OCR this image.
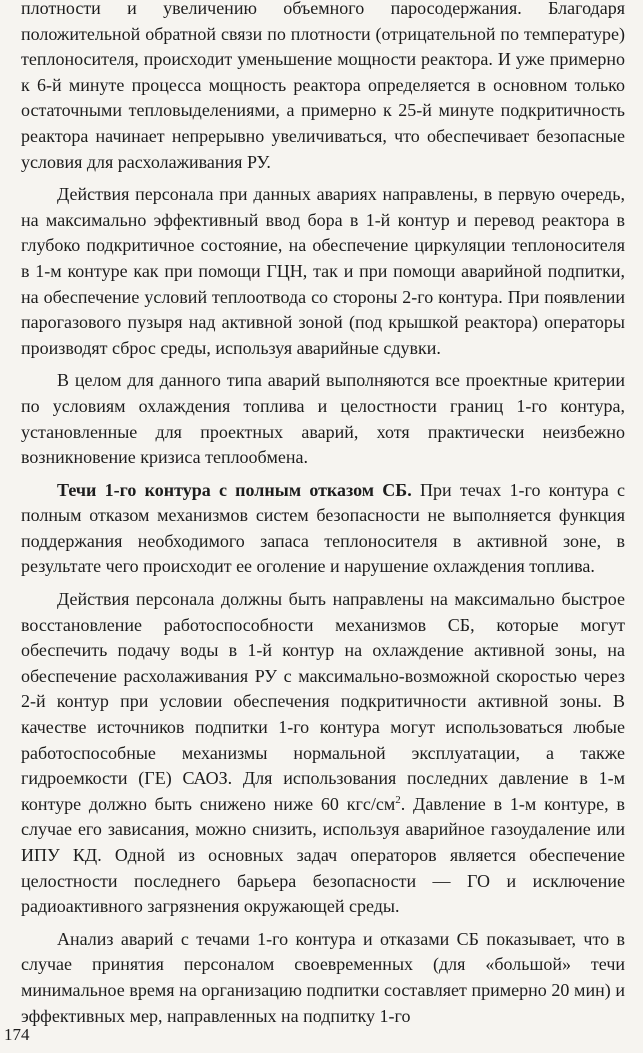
плотности и увеличению объемного паросодержания. Благодаря положительной обратной связи по плотности (отрицательной по температуре) теплоносителя, происходит уменьшение мощности реактора. И уже примерно к 6-й минуте процесса мощность реактора определяется в основном только остаточными тепловыделениями, а примерно к 25-й минуте подкритичность реактора начинает непрерывно увеличиваться, что обеспечивает безопасные условия для расхолаживания РУ.

Действия персонала при данных авариях направлены, в первую очередь, на максимально эффективный ввод бора в 1-й контур и перевод реактора в глубоко подкритичное состояние, на обеспечение циркуляции теплоносителя в 1-м контуре как при помощи ГЦН, так и при помощи аварийной подпитки, на обеспечение условий теплоотвода со стороны 2-го контура. При появлении парогазового пузыря над активной зоной (под крышкой реактора) операторы производят сброс среды, используя аварийные сдувки.

В целом для данного типа аварий выполняются все проектные критерии по условиям охлаждения топлива и целостности границ 1-го контура, установленные для проектных аварий, хотя практически неизбежно возникновение кризиса теплообмена.

Течи 1-го контура с полным отказом СБ. При течах 1-го контура с полным отказом механизмов систем безопасности не выполняется функция поддержания необходимого запаса теплоносителя в активной зоне, в результате чего происходит ее оголение и нарушение охлаждения топлива.

Действия персонала должны быть направлены на максимально быстрое восстановление работоспособности механизмов СБ, которые могут обеспечить подачу воды в 1-й контур на охлаждение активной зоны, на обеспечение расхолаживания РУ с максимально-возможной скоростью через 2-й контур при условии обеспечения подкритичности активной зоны. В качестве источников подпитки 1-го контура могут использоваться любые работоспособные механизмы нормальной эксплуатации, а также гидроемкости (ГЕ) САОЗ. Для использования последних давление в 1-м контуре должно быть снижено ниже 60 кгс/$см^2$. Давление в 1-м контуре, в случае его зависания, можно снизить, используя аварийное газоудаление или ИПУ КД. Одной из основных задач операторов является обеспечение целостности последнего барьера безопасности — ГО и исключение радиоактивного загрязнения окружающей среды.

Анализ аварий с течами 1-го контура и отказами СБ показывает, что в случае принятия персоналом своевременных (для «большой» течи минимальное время на организацию подпитки составляет примерно 20 мин) и эффективных мер, направленных на подпитку 1-го

174
